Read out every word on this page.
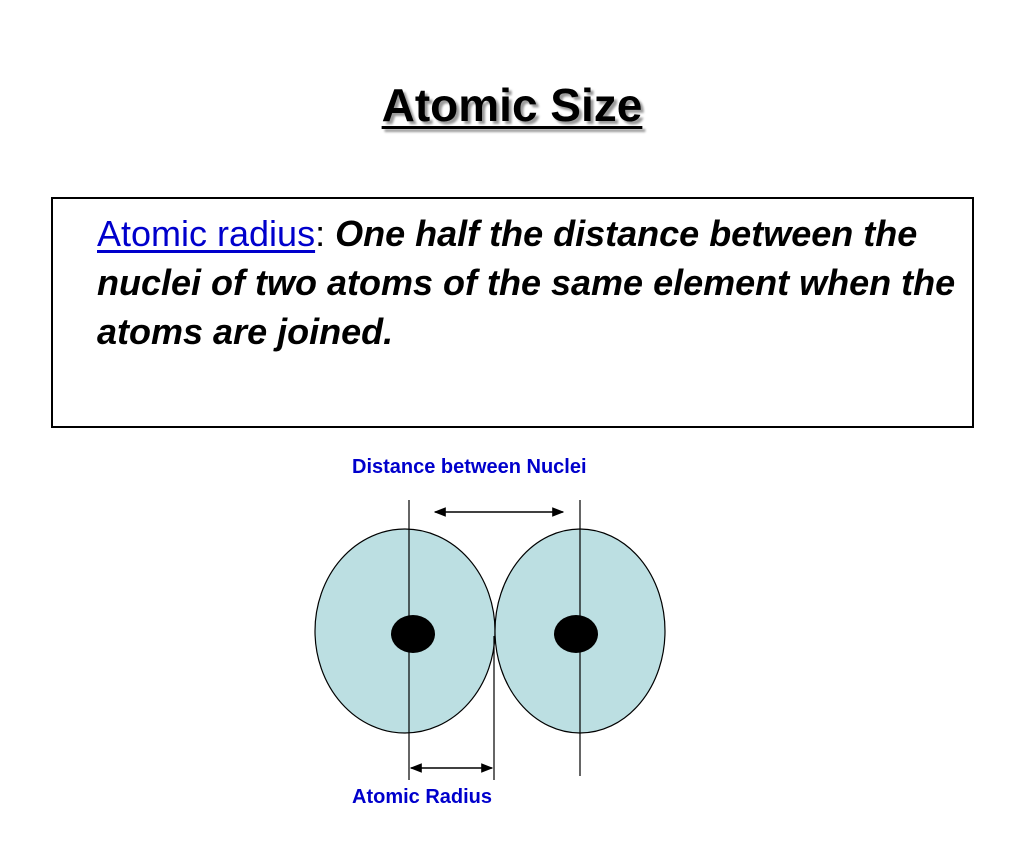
Atomic Size
Atomic radius: One half the distance between the nuclei of two atoms of the same element when the atoms are joined.
Distance between Nuclei
Atomic Radius
